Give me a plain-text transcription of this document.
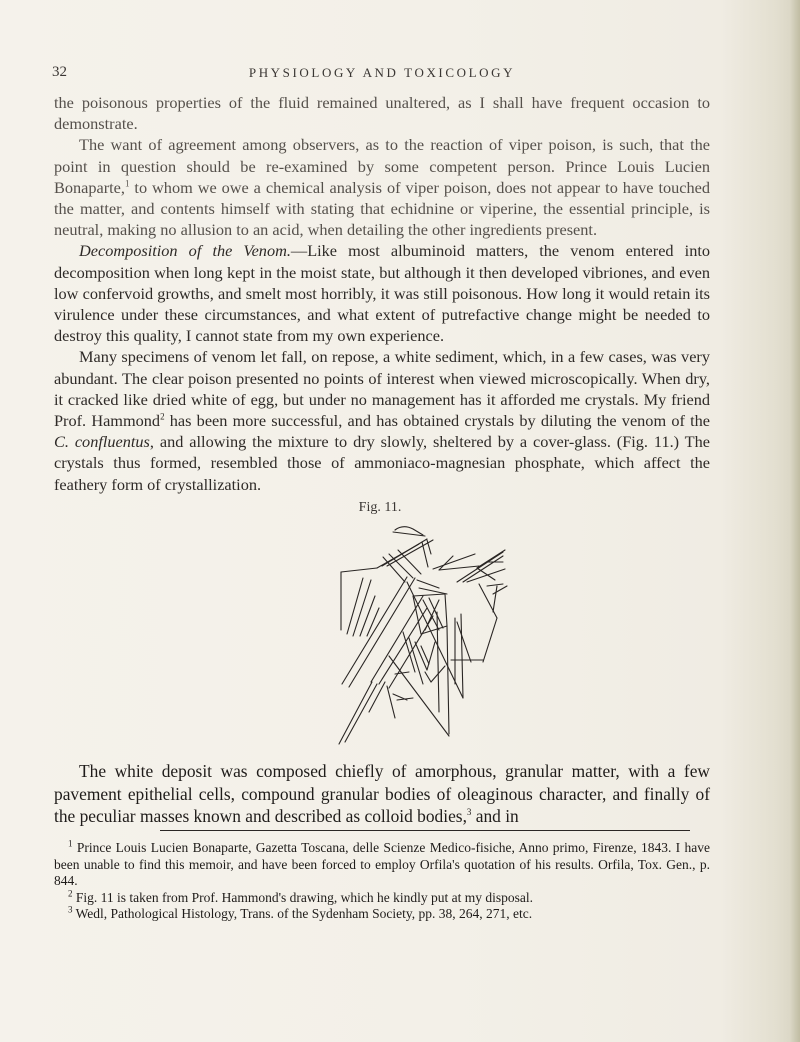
32	PHYSIOLOGY AND TOXICOLOGY

the poisonous properties of the fluid remained unaltered, as I shall have frequent occasion to demonstrate.

The want of agreement among observers, as to the reaction of viper poison, is such, that the point in question should be re-examined by some competent person. Prince Louis Lucien Bonaparte,$^1$ to whom we owe a chemical analysis of viper poison, does not appear to have touched the matter, and contents himself with stating that echidnine or viperine, the essential principle, is neutral, making no allusion to an acid, when detailing the other ingredients present.

Decomposition of the Venom.—Like most albuminoid matters, the venom entered into decomposition when long kept in the moist state, but although it then developed vibriones, and even low confervoid growths, and smelt most horribly, it was still poisonous. How long it would retain its virulence under these circumstances, and what extent of putrefactive change might be needed to destroy this quality, I cannot state from my own experience.

Many specimens of venom let fall, on repose, a white sediment, which, in a few cases, was very abundant. The clear poison presented no points of interest when viewed microscopically. When dry, it cracked like dried white of egg, but under no management has it afforded me crystals. My friend Prof. Hammond$^2$ has been more successful, and has obtained crystals by diluting the venom of the C. confluentus, and allowing the mixture to dry slowly, sheltered by a cover-glass. (Fig. 11.) The crystals thus formed, resembled those of ammoniaco-magnesian phosphate, which affect the feathery form of crystallization.

Fig. 11.

The white deposit was composed chiefly of amorphous, granular matter, with a few pavement epithelial cells, compound granular bodies of oleaginous character, and finally of the peculiar masses known and described as colloid bodies,$^3$ and in

$^1$ Prince Louis Lucien Bonaparte, Gazetta Toscana, delle Scienze Medico-fisiche, Anno primo, Firenze, 1843. I have been unable to find this memoir, and have been forced to employ Orfila's quotation of his results. Orfila, Tox. Gen., p. 844.

$^2$ Fig. 11 is taken from Prof. Hammond's drawing, which he kindly put at my disposal.

$^3$ Wedl, Pathological Histology, Trans. of the Sydenham Society, pp. 38, 264, 271, etc.
